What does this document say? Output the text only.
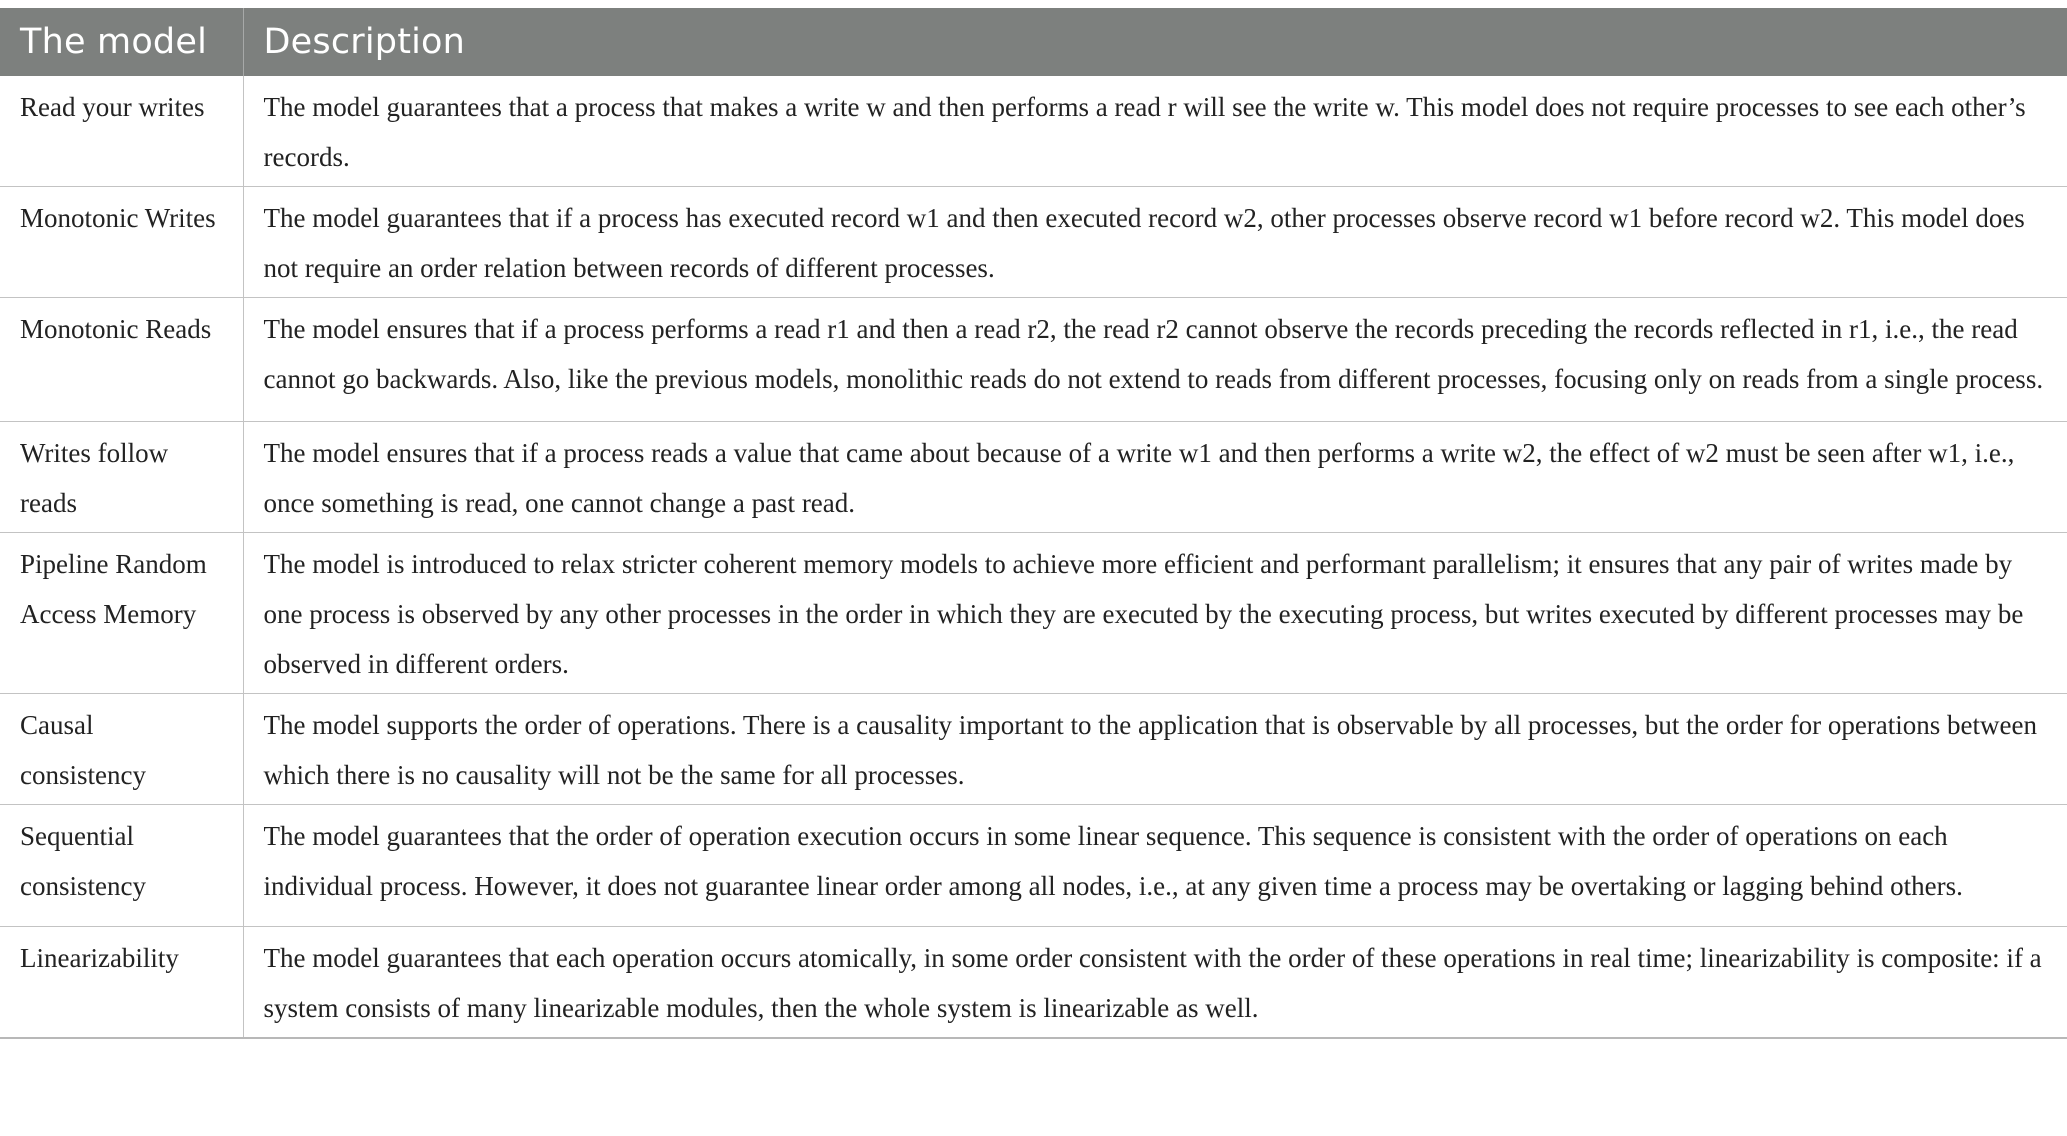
The model	Description
Read your writes	The model guarantees that a process that makes a write w and then performs a read r will see the write w. This model does not require processes to see each other’s records.
Monotonic Writes	The model guarantees that if a process has executed record w1 and then executed record w2, other processes observe record w1 before record w2. This model does not require an order relation between records of different processes.
Monotonic Reads	The model ensures that if a process performs a read r1 and then a read r2, the read r2 cannot observe the records preceding the records reflected in r1, i.e., the read cannot go backwards. Also, like the previous models, monolithic reads do not extend to reads from different processes, focusing only on reads from a single process.
Writes follow reads	The model ensures that if a process reads a value that came about because of a write w1 and then performs a write w2, the effect of w2 must be seen after w1, i.e., once something is read, one cannot change a past read.
Pipeline Random Access Memory	The model is introduced to relax stricter coherent memory models to achieve more efficient and performant parallelism; it ensures that any pair of writes made by one process is observed by any other processes in the order in which they are executed by the executing process, but writes executed by different processes may be observed in different orders.
Causal consistency	The model supports the order of operations. There is a causality important to the application that is observable by all processes, but the order for operations between which there is no causality will not be the same for all processes.
Sequential consistency	The model guarantees that the order of operation execution occurs in some linear sequence. This sequence is consistent with the order of operations on each individual process. However, it does not guarantee linear order among all nodes, i.e., at any given time a process may be overtaking or lagging behind others.
Linearizability	The model guarantees that each operation occurs atomically, in some order consistent with the order of these operations in real time; linearizability is composite: if a system consists of many linearizable modules, then the whole system is linearizable as well.
